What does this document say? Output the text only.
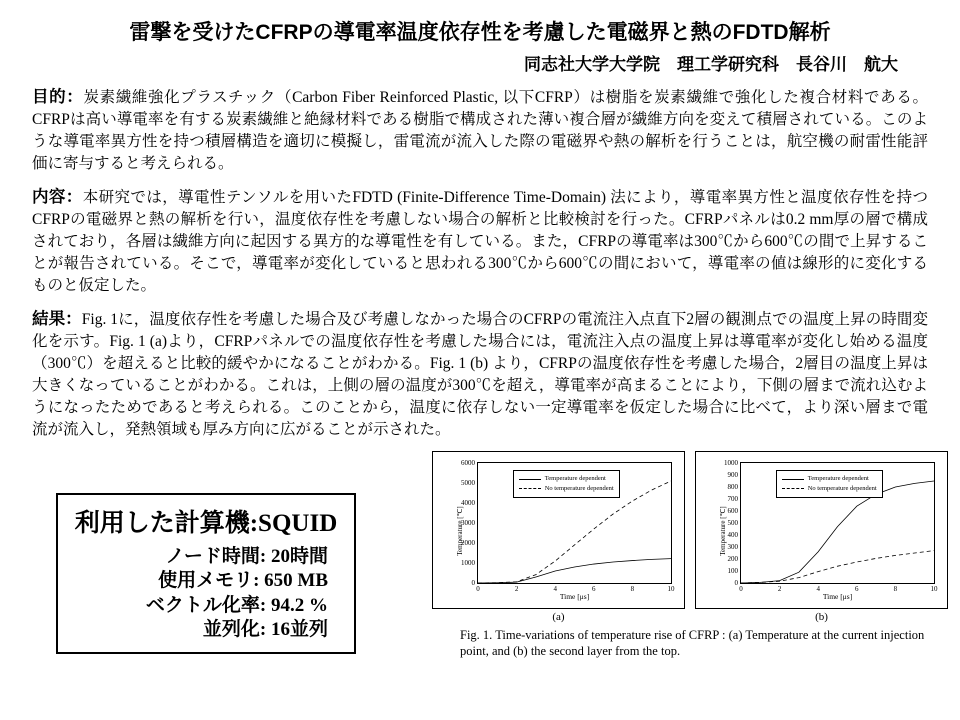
雷撃を受けたCFRPの導電率温度依存性を考慮した電磁界と熱のFDTD解析
同志社大学大学院　理工学研究科　長谷川　航大
目的：炭素繊維強化プラスチック（Carbon Fiber Reinforced Plastic, 以下CFRP）は樹脂を炭素繊維で強化した複合材料である。CFRPは高い導電率を有する炭素繊維と絶縁材料である樹脂で構成された薄い複合層が繊維方向を変えて積層されている。このような導電率異方性を持つ積層構造を適切に模擬し，雷電流が流入した際の電磁界や熱の解析を行うことは，航空機の耐雷性能評価に寄与すると考えられる。
内容：本研究では，導電性テンソルを用いたFDTD (Finite-Difference Time-Domain) 法により，導電率異方性と温度依存性を持つCFRPの電磁界と熱の解析を行い，温度依存性を考慮しない場合の解析と比較検討を行った。CFRPパネルは0.2 mm厚の層で構成されており，各層は繊維方向に起因する異方的な導電性を有している。また，CFRPの導電率は300℃から600℃の間で上昇することが報告されている。そこで，導電率が変化していると思われる300℃から600℃の間において，導電率の値は線形的に変化するものと仮定した。
結果：Fig. 1に，温度依存性を考慮した場合及び考慮しなかった場合のCFRPの電流注入点直下2層の観測点での温度上昇の時間変化を示す。Fig. 1 (a)より，CFRPパネルでの温度依存性を考慮した場合には，電流注入点の温度上昇は導電率が変化し始める温度（300℃）を超えると比較的緩やかになることがわかる。Fig. 1 (b) より，CFRPの温度依存性を考慮した場合，2層目の温度上昇は大きくなっていることがわかる。これは，上側の層の温度が300℃を超え，導電率が高まることにより，下側の層まで流れ込むようになったためであると考えられる。このことから，温度に依存しない一定導電率を仮定した場合に比べて，より深い層まで電流が流入し，発熱領域も厚み方向に広がることが示された。
利用した計算機:SQUID
ノード時間: 20時間
使用メモリ: 650 MB
ベクトル化率: 94.2 %
並列化: 16並列
Temperature [℃]
0
1000
2000
3000
4000
5000
6000
0	2	4	6	8	10
Temperature dependent
No temperature dependent
Time [μs]
Temperature [℃]
0
100
200
300
400
500
600
700
800
900
1000
0	2	4	6	8	10
Temperature dependent
No temperature dependent
Time [μs]
(a)	(b)
Fig. 1. Time-variations of temperature rise of CFRP : (a) Temperature at the current injection point, and (b) the second layer from the top.
